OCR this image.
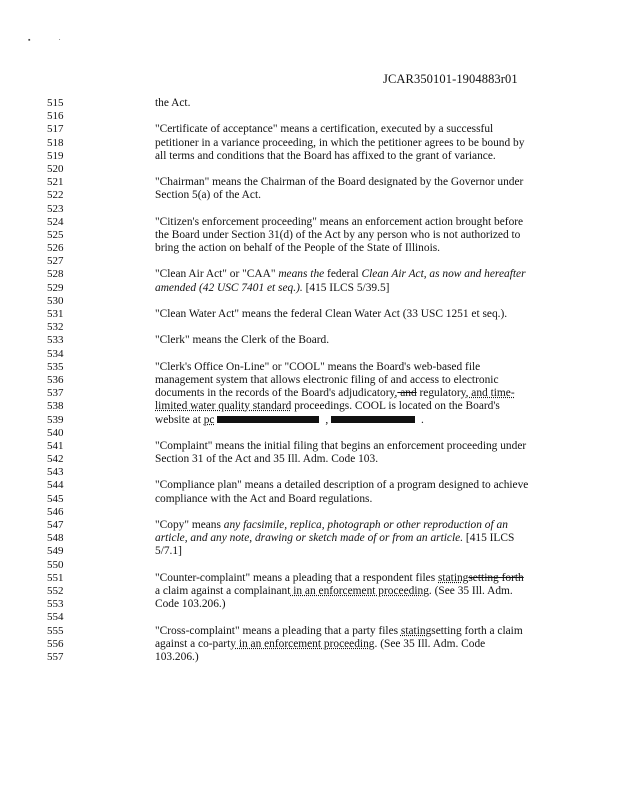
▪·
JCAR350101-1904883r01
515	the Act.
516
517	"Certificate of acceptance" means a certification, executed by a successful
518	petitioner in a variance proceeding, in which the petitioner agrees to be bound by
519	all terms and conditions that the Board has affixed to the grant of variance.
520
521	"Chairman" means the Chairman of the Board designated by the Governor under
522	Section 5(a) of the Act.
523
524	"Citizen's enforcement proceeding" means an enforcement action brought before
525	the Board under Section 31(d) of the Act by any person who is not authorized to
526	bring the action on behalf of the People of the State of Illinois.
527
528	"Clean Air Act" or "CAA" means the federal Clean Air Act, as now and hereafter
529	amended (42 USC 7401 et seq.). [415 ILCS 5/39.5]
530
531	"Clean Water Act" means the federal Clean Water Act (33 USC 1251 et seq.).
532
533	"Clerk" means the Clerk of the Board.
534
535	"Clerk's Office On-Line" or "COOL" means the Board's web-based file
536	management system that allows electronic filing of and access to electronic
537	documents in the records of the Board's adjudicatory, and regulatory, and time-
538	limited water quality standard proceedings. COOL is located on the Board's
539	website at pc	,	.
540
541	"Complaint" means the initial filing that begins an enforcement proceeding under
542	Section 31 of the Act and 35 Ill. Adm. Code 103.
543
544	"Compliance plan" means a detailed description of a program designed to achieve
545	compliance with the Act and Board regulations.
546
547	"Copy" means any facsimile, replica, photograph or other reproduction of an
548	article, and any note, drawing or sketch made of or from an article. [415 ILCS
549	5/7.1]
550
551	"Counter-complaint" means a pleading that a respondent files statingsetting forth
552	a claim against a complainant in an enforcement proceeding. (See 35 Ill. Adm.
553	Code 103.206.)
554
555	"Cross-complaint" means a pleading that a party files statingsetting forth a claim
556	against a co-party in an enforcement proceeding. (See 35 Ill. Adm. Code
557	103.206.)
